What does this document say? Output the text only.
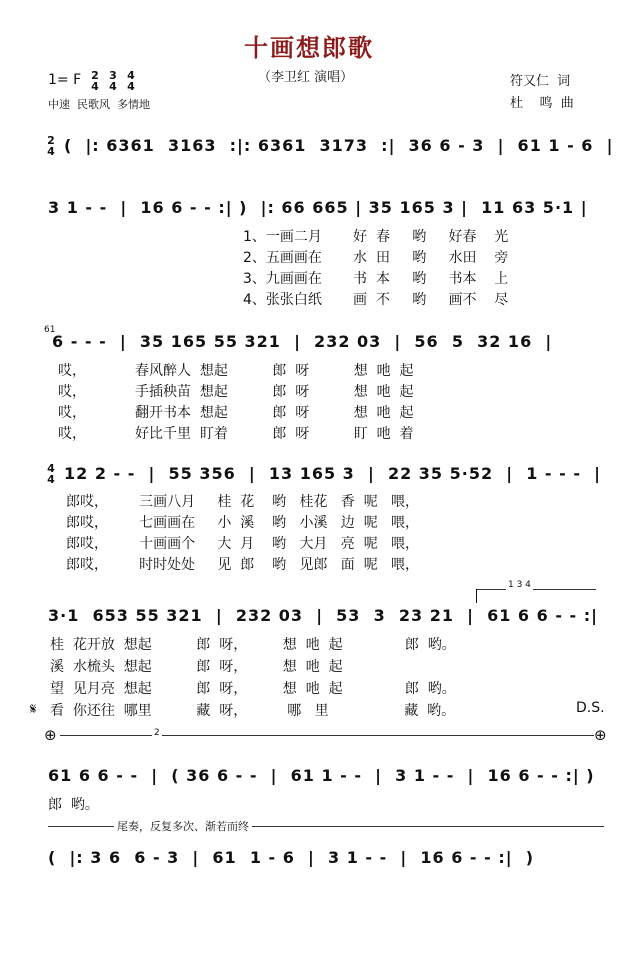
十画想郎歌
（李卫红 演唱）
1= F 2
4
3
4
4
4
中速  民歌风  多情地
符又仁  词
杜    鸣  曲
2
4 (  |: 6361  3163  :|: 6361  3173  :|  36 6 - 3  |  61 1 - 6  |
3 1 - -  |  16 6 - - :| )  |: 66 665 | 35 165 3 |  11 63 5·1 |
1、一画二月       好  春     哟     好春    光
2、五画画在       水  田     哟     水田    旁
3、九画画在       书  本     哟     书本    上
4、张张白纸       画  不     哟     画不    尽
61
6 - - -  |  35 165 55 321  |  232 03  |  56  5  32 16  |
哎，           春风醉人  想起          郎  呀          想  吔  起
哎，           手插秧苗  想起          郎  呀          想  吔  起
哎，           翻开书本  想起          郎  呀          想  吔  起
哎，           好比千里  盯着          郎  呀          盯  吔  着
4
4 12 2 - -  |  55 356  |  13 165 3  |  22 35 5·52  |  1 - - -  |
郎哎，       三画八月     桂  花    哟   桂花   香  呢   喂，
郎哎，       七画画在     小  溪    哟   小溪   边  呢   喂，
郎哎，       十画画个     大  月    哟   大月   亮  呢   喂，
郎哎，       时时处处     见  郎    哟   见郎   面  呢   喂，
1 3 4
3·1  653 55 321  |  232 03  |  53  3  23 21  |  61 6 6 - - :|
桂  花开放  想起          郎  呀，        想  吔  起              郎  哟。
溪  水梳头  想起          郎  呀，        想  吔  起
望  见月亮  想起          郎  呀，        想  吔  起              郎  哟。
看  你还往  哪里          藏  呀，         哪   里                 藏  哟。
𝄋	D.S.
⊕	2	⊕
61 6 6 - -  |  ( 36 6 - -  |  61 1 - -  |  3 1 - -  |  16 6 - - :| )
郎  哟。
尾奏，反复多次、渐若而终
(  |: 3 6  6 - 3  |  61  1 - 6  |  3 1 - -  |  16 6 - - :|  )
